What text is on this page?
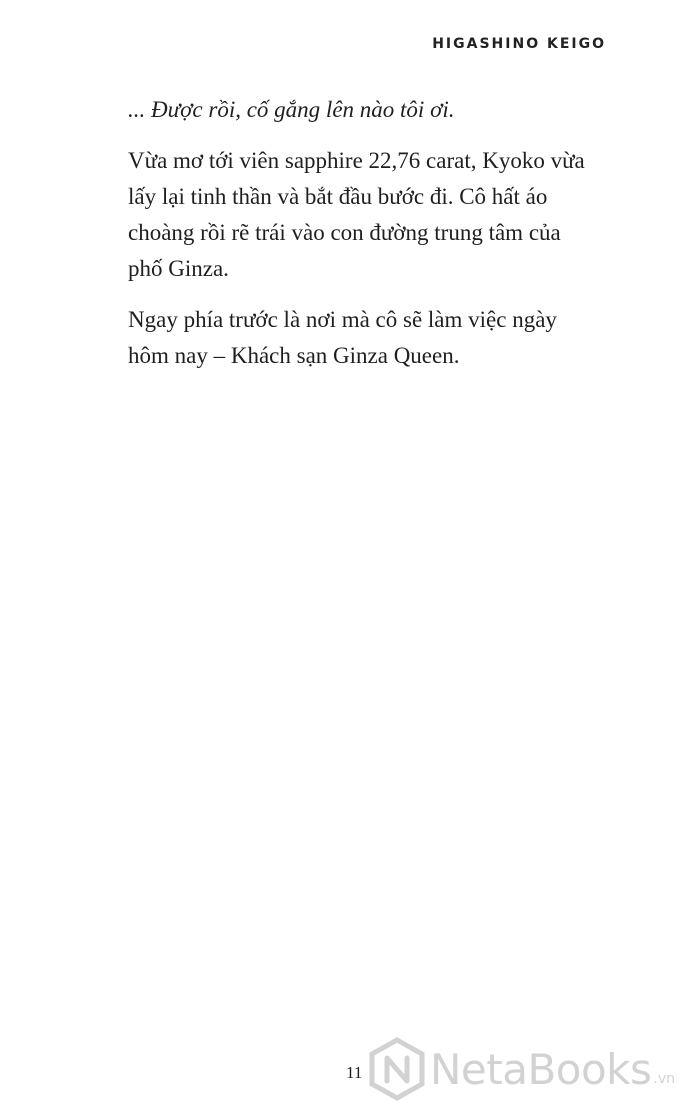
HIGASHINO KEIGO

... Được rồi, cố gắng lên nào tôi ơi.

Vừa mơ tới viên sapphire 22,76 carat, Kyoko vừa lấy lại tinh thần và bắt đầu bước đi. Cô hất áo choàng rồi rẽ trái vào con đường trung tâm của phố Ginza.

Ngay phía trước là nơi mà cô sẽ làm việc ngày hôm nay – Khách sạn Ginza Queen.

11 NetaBooks .vn
